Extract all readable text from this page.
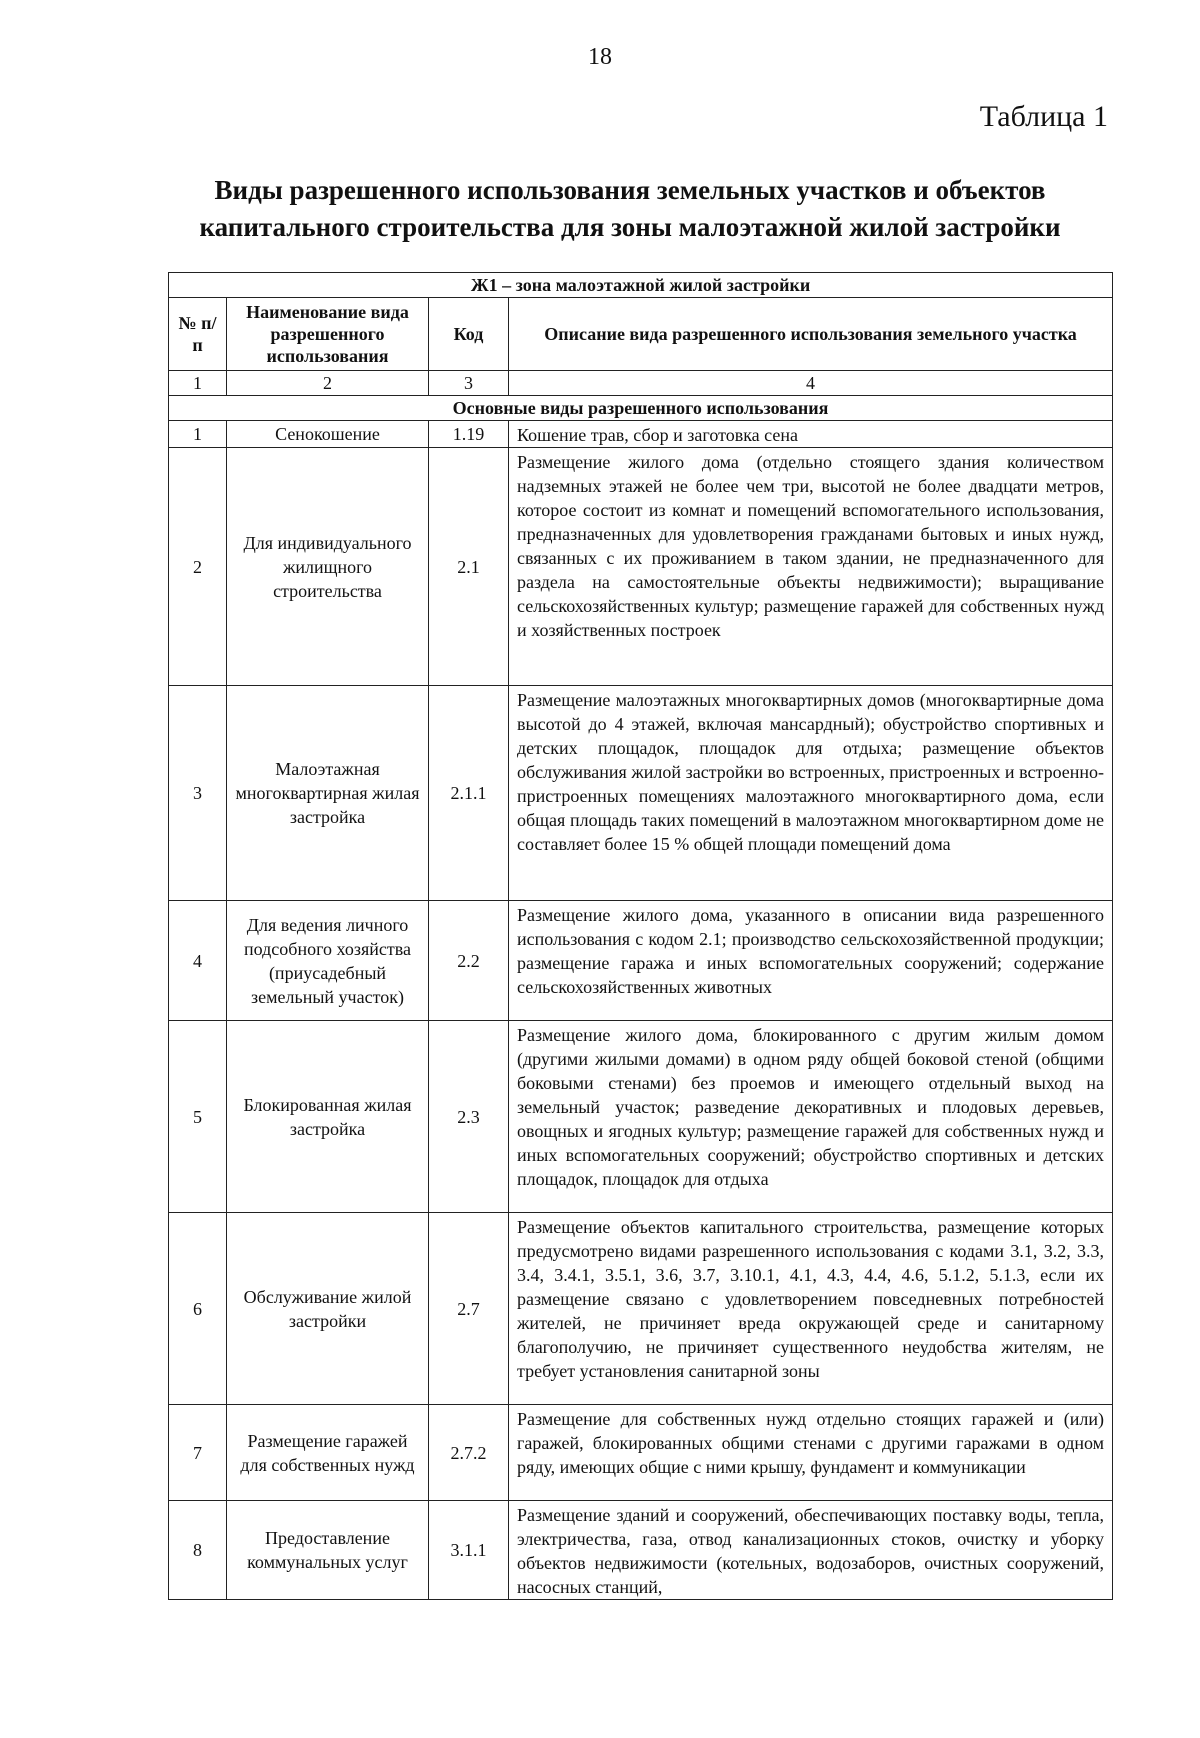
18
Таблица 1
Виды разрешенного использования земельных участков и объектов
капитального строительства для зоны малоэтажной жилой застройки
Ж1 – зона малоэтажной жилой застройки			
№ п/п	Наименование вида разрешенного использования	Код	Описание вида разрешенного использования земельного участка
1	2	3	4
Основные виды разрешенного использования			
1	Сенокошение	1.19	Кошение трав, сбор и заготовка сена
2	Для индивидуального жилищного строительства	2.1	Размещение жилого дома (отдельно стоящего здания количеством надземных этажей не более чем три, высотой не более двадцати метров, которое состоит из комнат и помещений вспомогательного использования, предназначенных для удовлетворения гражданами бытовых и иных нужд, связанных с их проживанием в таком здании, не предназначенного для раздела на самостоятельные объекты недвижимости); выращивание сельскохозяйственных культур; размещение гаражей для собственных нужд и хозяйственных построек
3	Малоэтажная многоквартирная жилая застройка	2.1.1	Размещение малоэтажных многоквартирных домов (многоквартирные дома высотой до 4 этажей, включая мансардный); обустройство спортивных и детских площадок, площадок для отдыха; размещение объектов обслуживания жилой застройки во встроенных, пристроенных и встроенно-пристроенных помещениях малоэтажного многоквартирного дома, если общая площадь таких помещений в малоэтажном многоквартирном доме не составляет более 15 % общей площади помещений дома
4	Для ведения личного подсобного хозяйства (приусадебный земельный участок)	2.2	Размещение жилого дома, указанного в описании вида разрешенного использования с кодом 2.1; производство сельскохозяйственной продукции; размещение гаража и иных вспомогательных сооружений; содержание сельскохозяйственных животных
5	Блокированная жилая застройка	2.3	Размещение жилого дома, блокированного с другим жилым домом (другими жилыми домами) в одном ряду общей боковой стеной (общими боковыми стенами) без проемов и имеющего отдельный выход на земельный участок; разведение декоративных и плодовых деревьев, овощных и ягодных культур; размещение гаражей для собственных нужд и иных вспомогательных сооружений; обустройство спортивных и детских площадок, площадок для отдыха
6	Обслуживание жилой застройки	2.7	Размещение объектов капитального строительства, размещение которых предусмотрено видами разрешенного использования с кодами 3.1, 3.2, 3.3, 3.4, 3.4.1, 3.5.1, 3.6, 3.7, 3.10.1, 4.1, 4.3, 4.4, 4.6, 5.1.2, 5.1.3, если их размещение связано с удовлетворением повседневных потребностей жителей, не причиняет вреда окружающей среде и санитарному благополучию, не причиняет существенного неудобства жителям, не требует установления санитарной зоны
7	Размещение гаражей для собственных нужд	2.7.2	Размещение для собственных нужд отдельно стоящих гаражей и (или) гаражей, блокированных общими стенами с другими гаражами в одном ряду, имеющих общие с ними крышу, фундамент и коммуникации
8	Предоставление коммунальных услуг	3.1.1	Размещение зданий и сооружений, обеспечивающих поставку воды, тепла, электричества, газа, отвод канализационных стоков, очистку и уборку объектов недвижимости (котельных, водозаборов, очистных сооружений, насосных станций,
